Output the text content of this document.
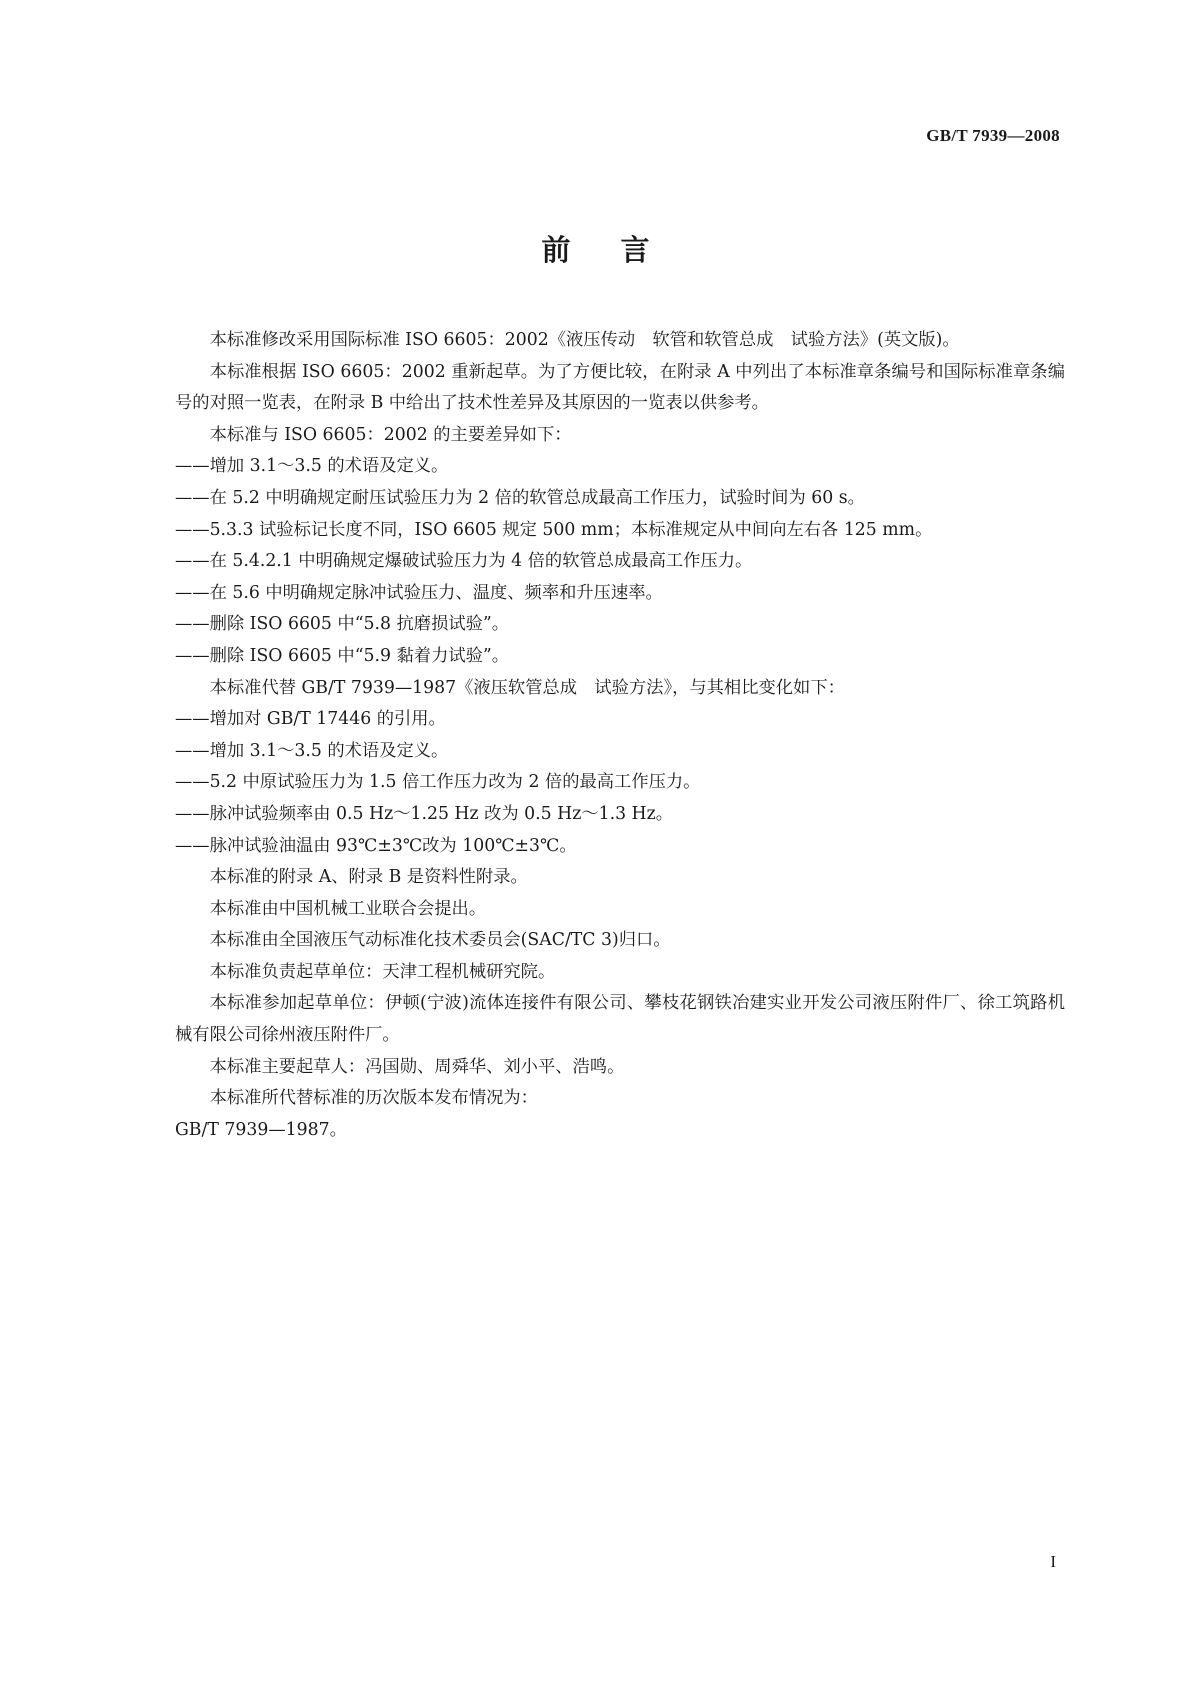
GB/T 7939—2008
前言

本标准修改采用国际标准 ISO 6605：2002《液压传动　软管和软管总成　试验方法》(英文版)。

本标准根据 ISO 6605：2002 重新起草。为了方便比较，在附录 A 中列出了本标准章条编号和国际标准章条编号的对照一览表，在附录 B 中给出了技术性差异及其原因的一览表以供参考。

本标准与 ISO 6605：2002 的主要差异如下：

——增加 3.1～3.5 的术语及定义。

——在 5.2 中明确规定耐压试验压力为 2 倍的软管总成最高工作压力，试验时间为 60 s。

——5.3.3 试验标记长度不同，ISO 6605 规定 500 mm；本标准规定从中间向左右各 125 mm。

——在 5.4.2.1 中明确规定爆破试验压力为 4 倍的软管总成最高工作压力。

——在 5.6 中明确规定脉冲试验压力、温度、频率和升压速率。

——删除 ISO 6605 中“5.8 抗磨损试验”。

——删除 ISO 6605 中“5.9 黏着力试验”。

本标准代替 GB/T 7939—1987《液压软管总成　试验方法》，与其相比变化如下：

——增加对 GB/T 17446 的引用。

——增加 3.1～3.5 的术语及定义。

——5.2 中原试验压力为 1.5 倍工作压力改为 2 倍的最高工作压力。

——脉冲试验频率由 0.5 Hz～1.25 Hz 改为 0.5 Hz～1.3 Hz。

——脉冲试验油温由 93℃±3℃改为 100℃±3℃。

本标准的附录 A、附录 B 是资料性附录。

本标准由中国机械工业联合会提出。

本标准由全国液压气动标准化技术委员会(SAC/TC 3)归口。

本标准负责起草单位：天津工程机械研究院。

本标准参加起草单位：伊顿(宁波)流体连接件有限公司、攀枝花钢铁冶建实业开发公司液压附件厂、徐工筑路机械有限公司徐州液压附件厂。

本标准主要起草人：冯国勋、周舜华、刘小平、浩鸣。

本标准所代替标准的历次版本发布情况为：

GB/T 7939—1987。

I
